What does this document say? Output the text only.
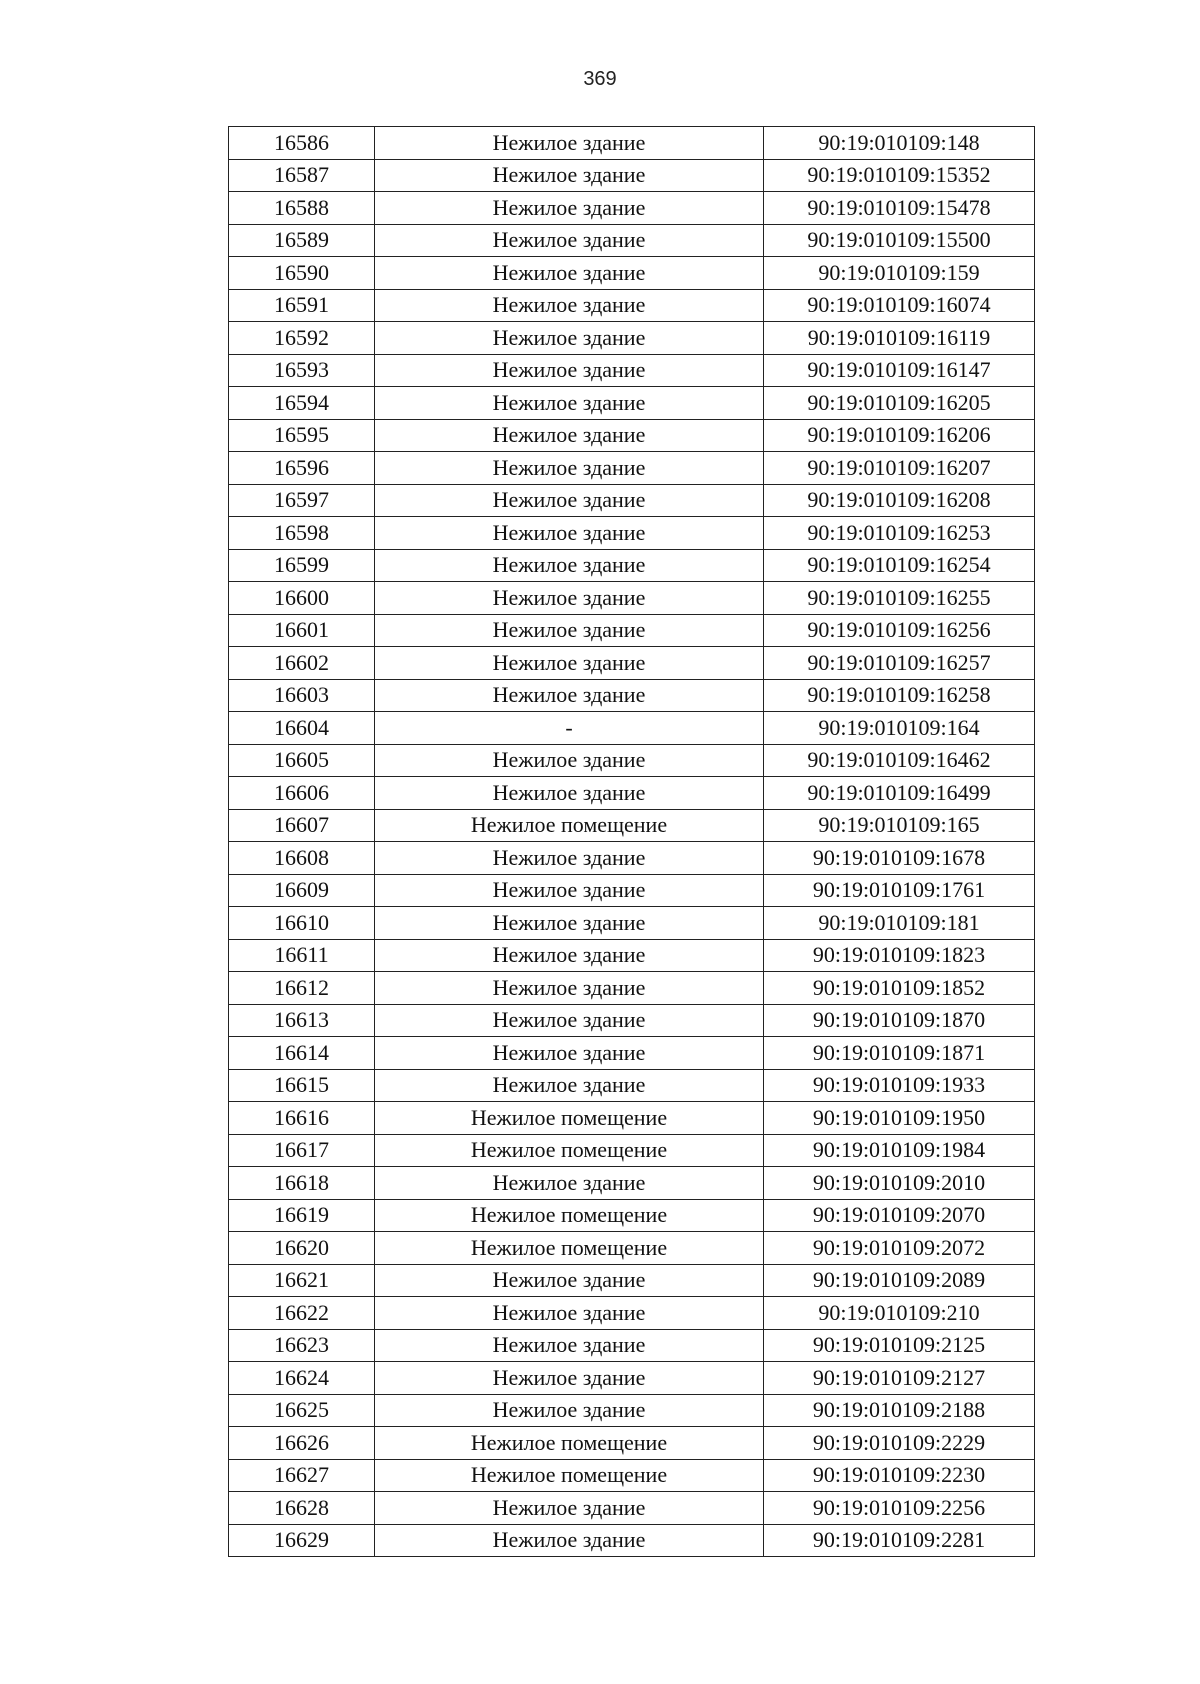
369
16586	Нежилое здание	90:19:010109:148
16587	Нежилое здание	90:19:010109:15352
16588	Нежилое здание	90:19:010109:15478
16589	Нежилое здание	90:19:010109:15500
16590	Нежилое здание	90:19:010109:159
16591	Нежилое здание	90:19:010109:16074
16592	Нежилое здание	90:19:010109:16119
16593	Нежилое здание	90:19:010109:16147
16594	Нежилое здание	90:19:010109:16205
16595	Нежилое здание	90:19:010109:16206
16596	Нежилое здание	90:19:010109:16207
16597	Нежилое здание	90:19:010109:16208
16598	Нежилое здание	90:19:010109:16253
16599	Нежилое здание	90:19:010109:16254
16600	Нежилое здание	90:19:010109:16255
16601	Нежилое здание	90:19:010109:16256
16602	Нежилое здание	90:19:010109:16257
16603	Нежилое здание	90:19:010109:16258
16604	-	90:19:010109:164
16605	Нежилое здание	90:19:010109:16462
16606	Нежилое здание	90:19:010109:16499
16607	Нежилое помещение	90:19:010109:165
16608	Нежилое здание	90:19:010109:1678
16609	Нежилое здание	90:19:010109:1761
16610	Нежилое здание	90:19:010109:181
16611	Нежилое здание	90:19:010109:1823
16612	Нежилое здание	90:19:010109:1852
16613	Нежилое здание	90:19:010109:1870
16614	Нежилое здание	90:19:010109:1871
16615	Нежилое здание	90:19:010109:1933
16616	Нежилое помещение	90:19:010109:1950
16617	Нежилое помещение	90:19:010109:1984
16618	Нежилое здание	90:19:010109:2010
16619	Нежилое помещение	90:19:010109:2070
16620	Нежилое помещение	90:19:010109:2072
16621	Нежилое здание	90:19:010109:2089
16622	Нежилое здание	90:19:010109:210
16623	Нежилое здание	90:19:010109:2125
16624	Нежилое здание	90:19:010109:2127
16625	Нежилое здание	90:19:010109:2188
16626	Нежилое помещение	90:19:010109:2229
16627	Нежилое помещение	90:19:010109:2230
16628	Нежилое здание	90:19:010109:2256
16629	Нежилое здание	90:19:010109:2281
